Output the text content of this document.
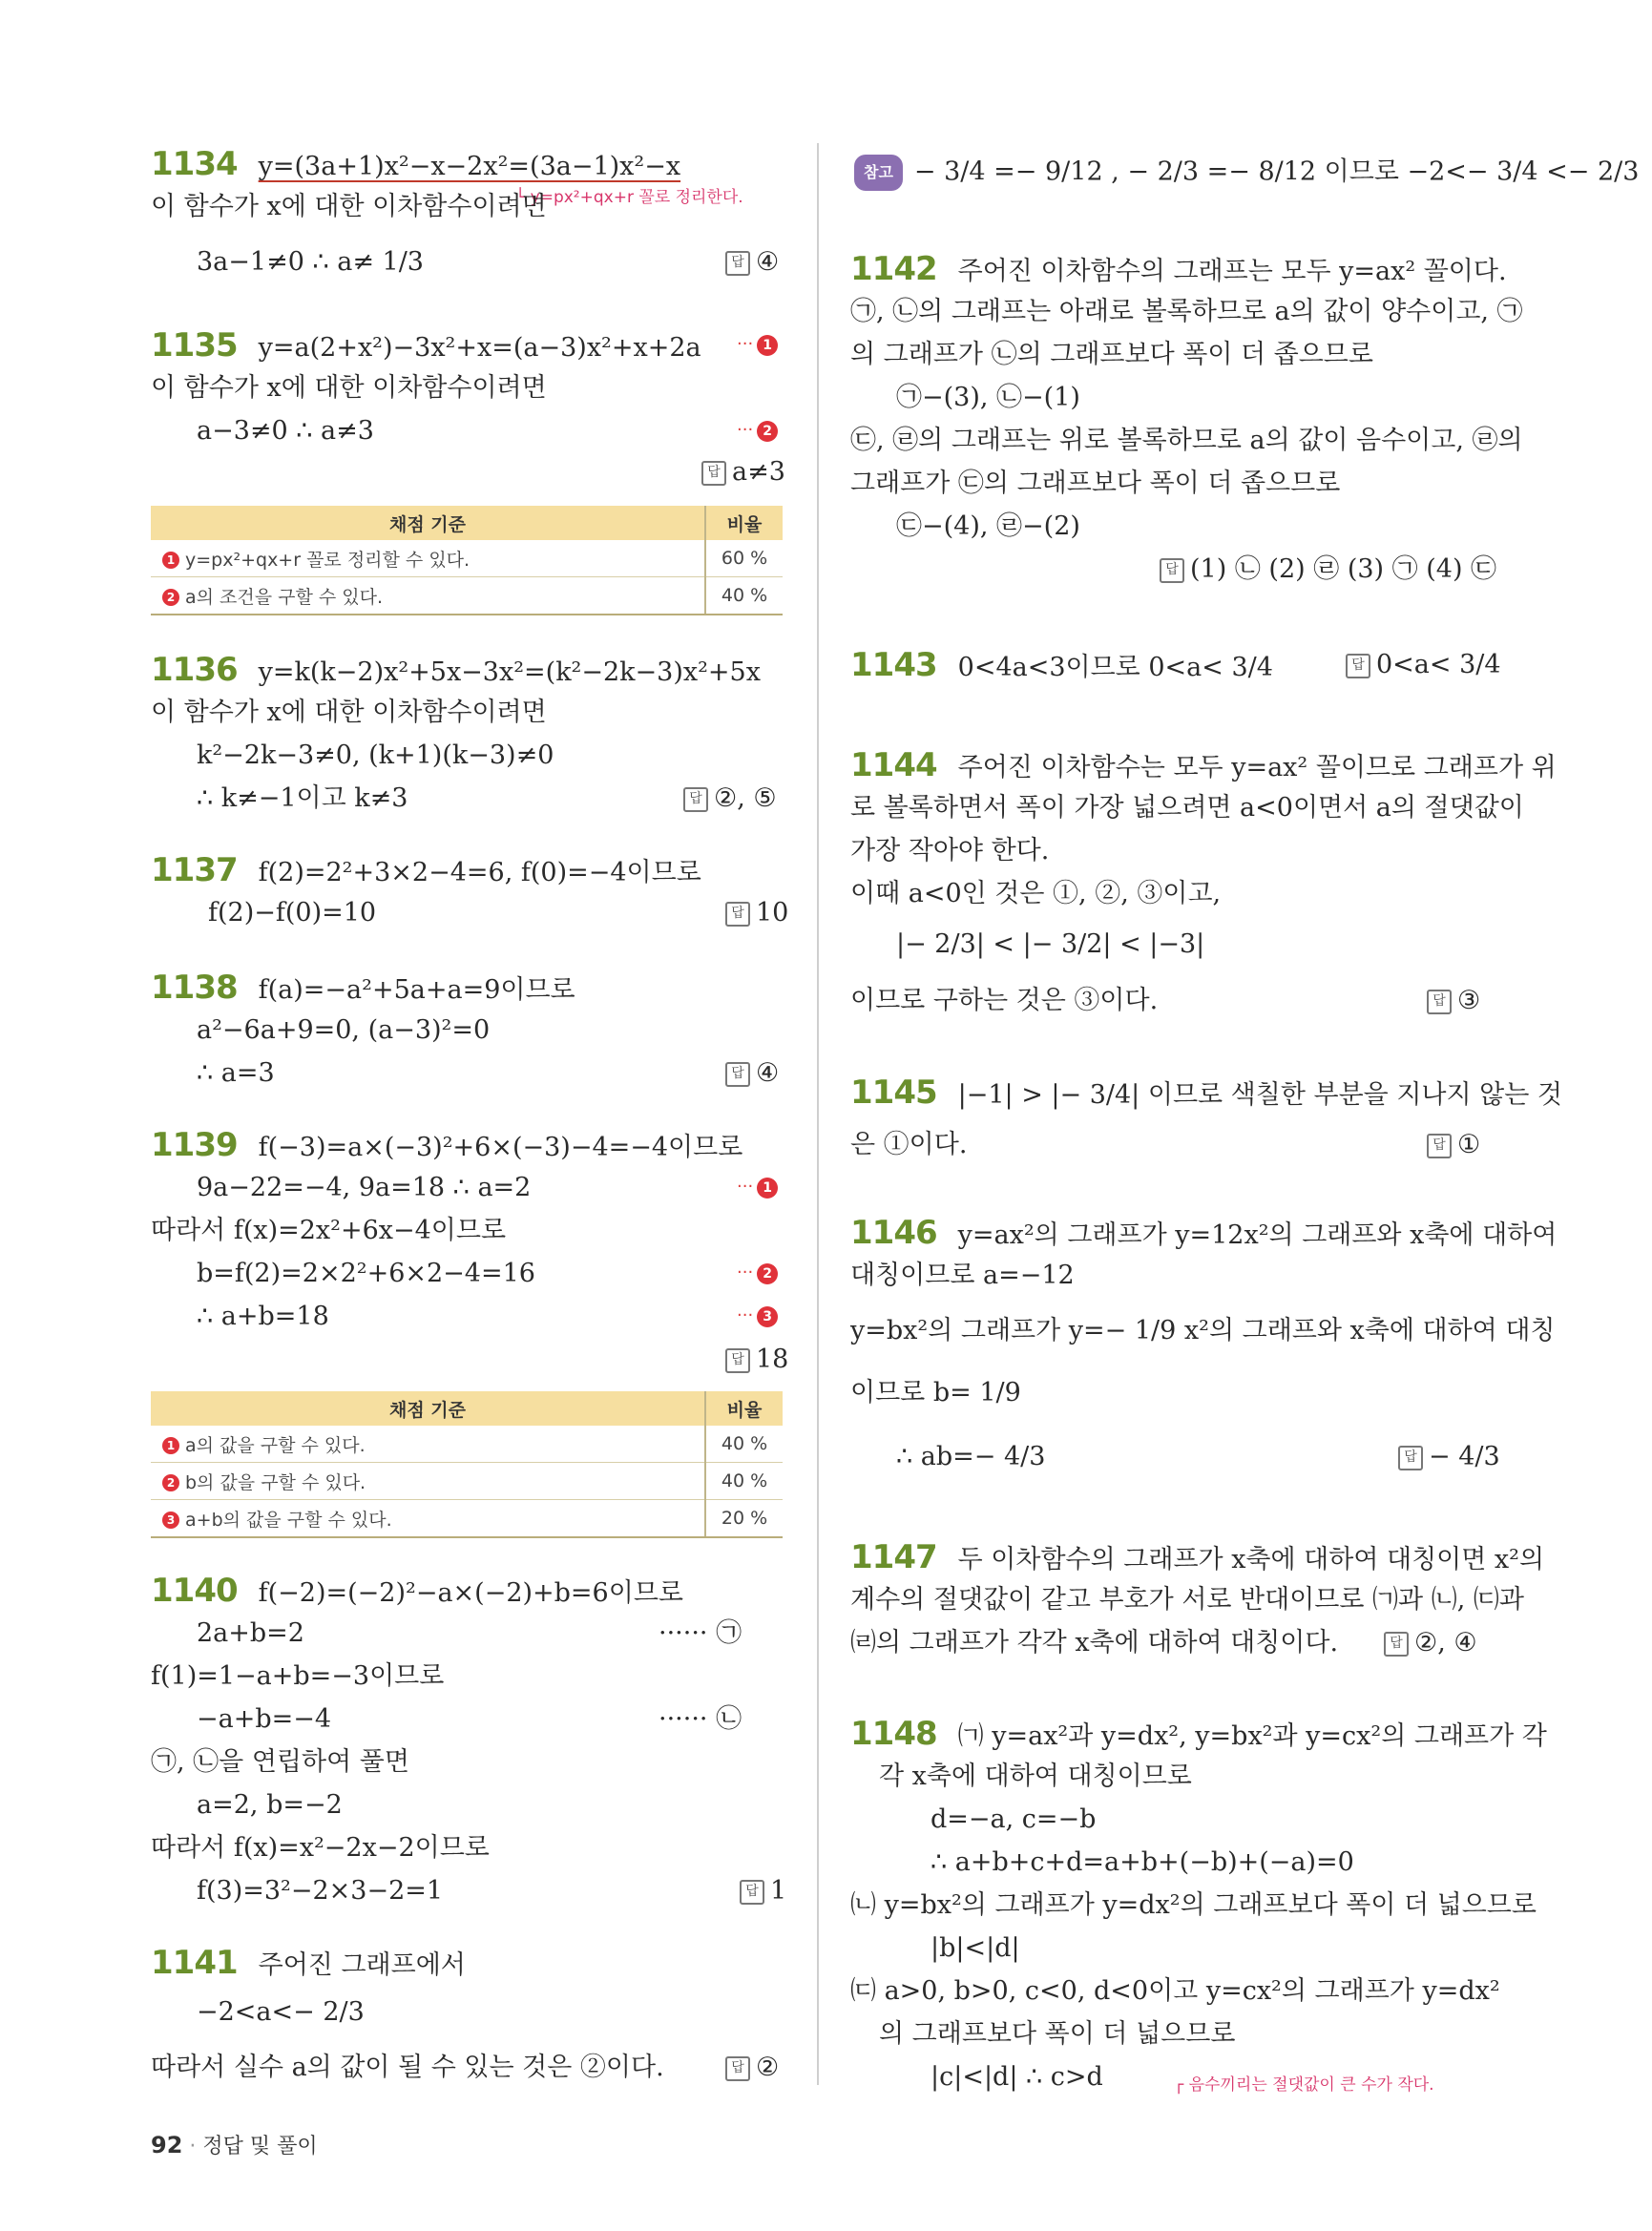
1134 y=(3a+1)x²−x−2x²=(3a−1)x²−x
└ y=px²+qx+r 꼴로 정리한다.
이 함수가 x에 대한 이차함수이려면
3a−1≠0 ∴ a≠ 1/3	답 ④
1135 y=a(2+x²)−3x²+x=(a−3)x²+x+2a ··· 1
이 함수가 x에 대한 이차함수이려면
a−3≠0 ∴ a≠3	··· 2
답 a≠3
채점 기준	비율
1 y=px²+qx+r 꼴로 정리할 수 있다.	60 %
2 a의 조건을 구할 수 있다.	40 %
1136 y=k(k−2)x²+5x−3x²=(k²−2k−3)x²+5x
이 함수가 x에 대한 이차함수이려면
k²−2k−3≠0, (k+1)(k−3)≠0
∴ k≠−1이고 k≠3	답 ②, ⑤
1137 f(2)=2²+3×2−4=6, f(0)=−4이므로
f(2)−f(0)=10	답 10
1138 f(a)=−a²+5a+a=9이므로
a²−6a+9=0, (a−3)²=0
∴ a=3	답 ④
1139 f(−3)=a×(−3)²+6×(−3)−4=−4이므로
9a−22=−4, 9a=18 ∴ a=2	··· 1
따라서 f(x)=2x²+6x−4이므로
b=f(2)=2×2²+6×2−4=16	··· 2
∴ a+b=18	··· 3
답 18
채점 기준	비율
1 a의 값을 구할 수 있다.	40 %
2 b의 값을 구할 수 있다.	40 %
3 a+b의 값을 구할 수 있다.	20 %
1140 f(−2)=(−2)²−a×(−2)+b=6이므로
2a+b=2	······ ㉠
f(1)=1−a+b=−3이므로
−a+b=−4	······ ㉡
㉠, ㉡을 연립하여 풀면
a=2, b=−2
따라서 f(x)=x²−2x−2이므로
f(3)=3²−2×3−2=1	답 1
1141 주어진 그래프에서
−2<a<− 2/3
따라서 실수 a의 값이 될 수 있는 것은 ②이다.	답 ②
참고 − 3/4 =− 9/12 , − 2/3 =− 8/12 이므로 −2<− 3/4 <− 2/3
1142 주어진 이차함수의 그래프는 모두 y=ax² 꼴이다.
㉠, ㉡의 그래프는 아래로 볼록하므로 a의 값이 양수이고, ㉠
의 그래프가 ㉡의 그래프보다 폭이 더 좁으므로
㉠−(3), ㉡−(1)
㉢, ㉣의 그래프는 위로 볼록하므로 a의 값이 음수이고, ㉣의
그래프가 ㉢의 그래프보다 폭이 더 좁으므로
㉢−(4), ㉣−(2)
답 (1) ㉡ (2) ㉣ (3) ㉠ (4) ㉢
1143 0<4a<3이므로 0<a< 3/4	답 0<a< 3/4
1144 주어진 이차함수는 모두 y=ax² 꼴이므로 그래프가 위
로 볼록하면서 폭이 가장 넓으려면 a<0이면서 a의 절댓값이
가장 작아야 한다.
이때 a<0인 것은 ①, ②, ③이고,
|− 2/3| < |− 3/2| < |−3|
이므로 구하는 것은 ③이다.	답 ③
1145 |−1| > |− 3/4| 이므로 색칠한 부분을 지나지 않는 것
은 ①이다.	답 ①
1146 y=ax²의 그래프가 y=12x²의 그래프와 x축에 대하여
대칭이므로 a=−12
y=bx²의 그래프가 y=− 1/9 x²의 그래프와 x축에 대하여 대칭
이므로 b= 1/9
∴ ab=− 4/3	답 − 4/3
1147 두 이차함수의 그래프가 x축에 대하여 대칭이면 x²의
계수의 절댓값이 같고 부호가 서로 반대이므로 ㈀과 ㈁, ㈂과
㈃의 그래프가 각각 x축에 대하여 대칭이다.	답 ②, ④
1148 ㈀ y=ax²과 y=dx², y=bx²과 y=cx²의 그래프가 각
각 x축에 대하여 대칭이므로
d=−a, c=−b
∴ a+b+c+d=a+b+(−b)+(−a)=0
㈁ y=bx²의 그래프가 y=dx²의 그래프보다 폭이 더 넓으므로
|b|<|d|
㈂ a>0, b>0, c<0, d<0이고 y=cx²의 그래프가 y=dx²
의 그래프보다 폭이 더 넓으므로
|c|<|d| ∴ c>d	┌ 음수끼리는 절댓값이 큰 수가 작다.
92 · 정답 및 풀이
